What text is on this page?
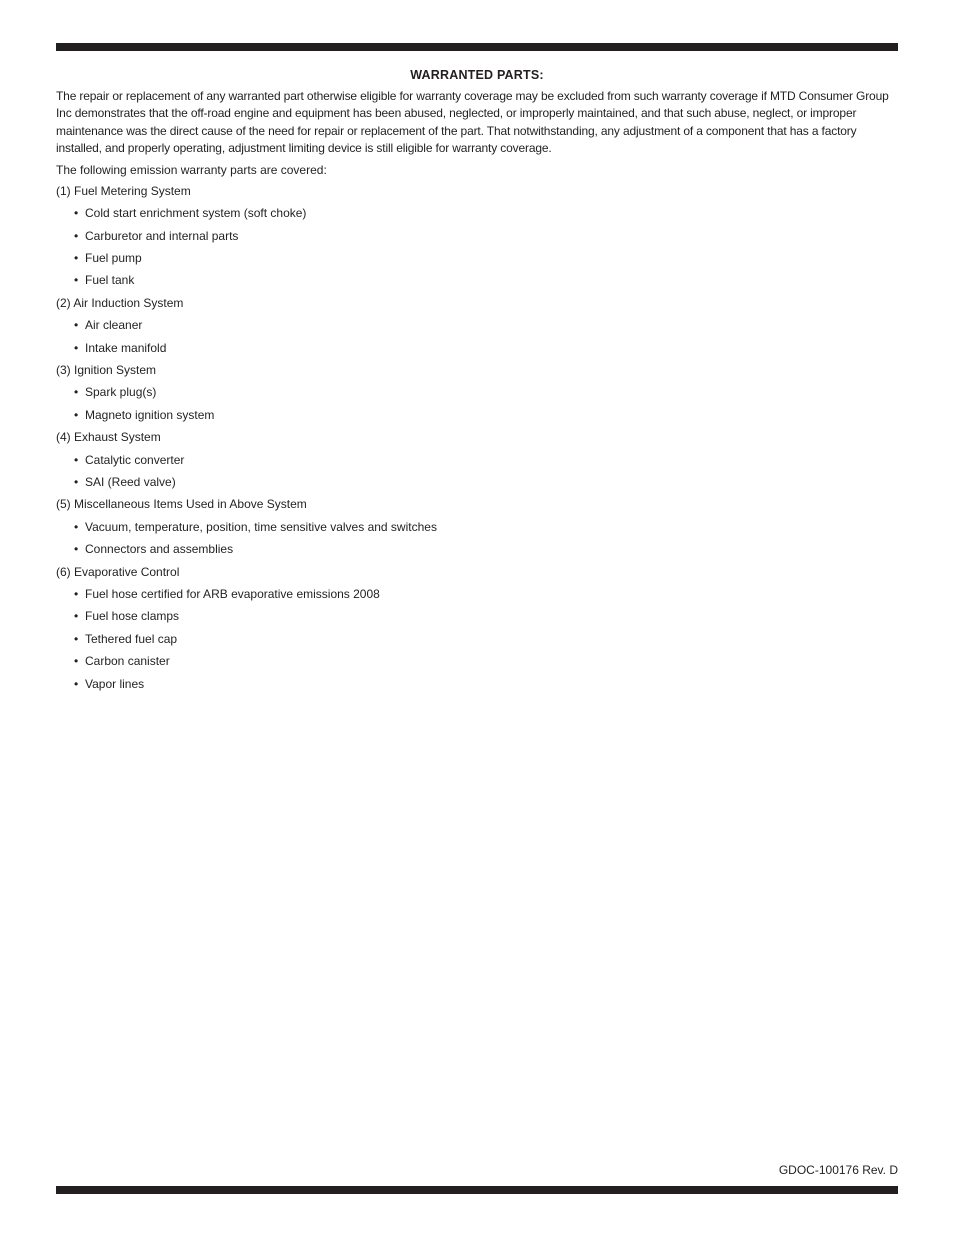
WARRANTED PARTS:

The repair or replacement of any warranted part otherwise eligible for warranty coverage may be excluded from such warranty coverage if MTD Consumer Group Inc demonstrates that the off-road engine and equipment has been abused, neglected, or improperly maintained, and that such abuse, neglect, or improper maintenance was the direct cause of the need for repair or replacement of the part. That notwithstanding, any adjustment of a component that has a factory installed, and properly operating, adjustment limiting device is still eligible for warranty coverage.

The following emission warranty parts are covered:

(1) Fuel Metering System
• Cold start enrichment system (soft choke)
• Carburetor and internal parts
• Fuel pump
• Fuel tank
(2) Air Induction System
• Air cleaner
• Intake manifold
(3) Ignition System
• Spark plug(s)
• Magneto ignition system
(4) Exhaust System
• Catalytic converter
• SAI (Reed valve)
(5) Miscellaneous Items Used in Above System
• Vacuum, temperature, position, time sensitive valves and switches
• Connectors and assemblies
(6) Evaporative Control
• Fuel hose certified for ARB evaporative emissions 2008
• Fuel hose clamps
• Tethered fuel cap
• Carbon canister
• Vapor lines
GDOC-100176 Rev. D
